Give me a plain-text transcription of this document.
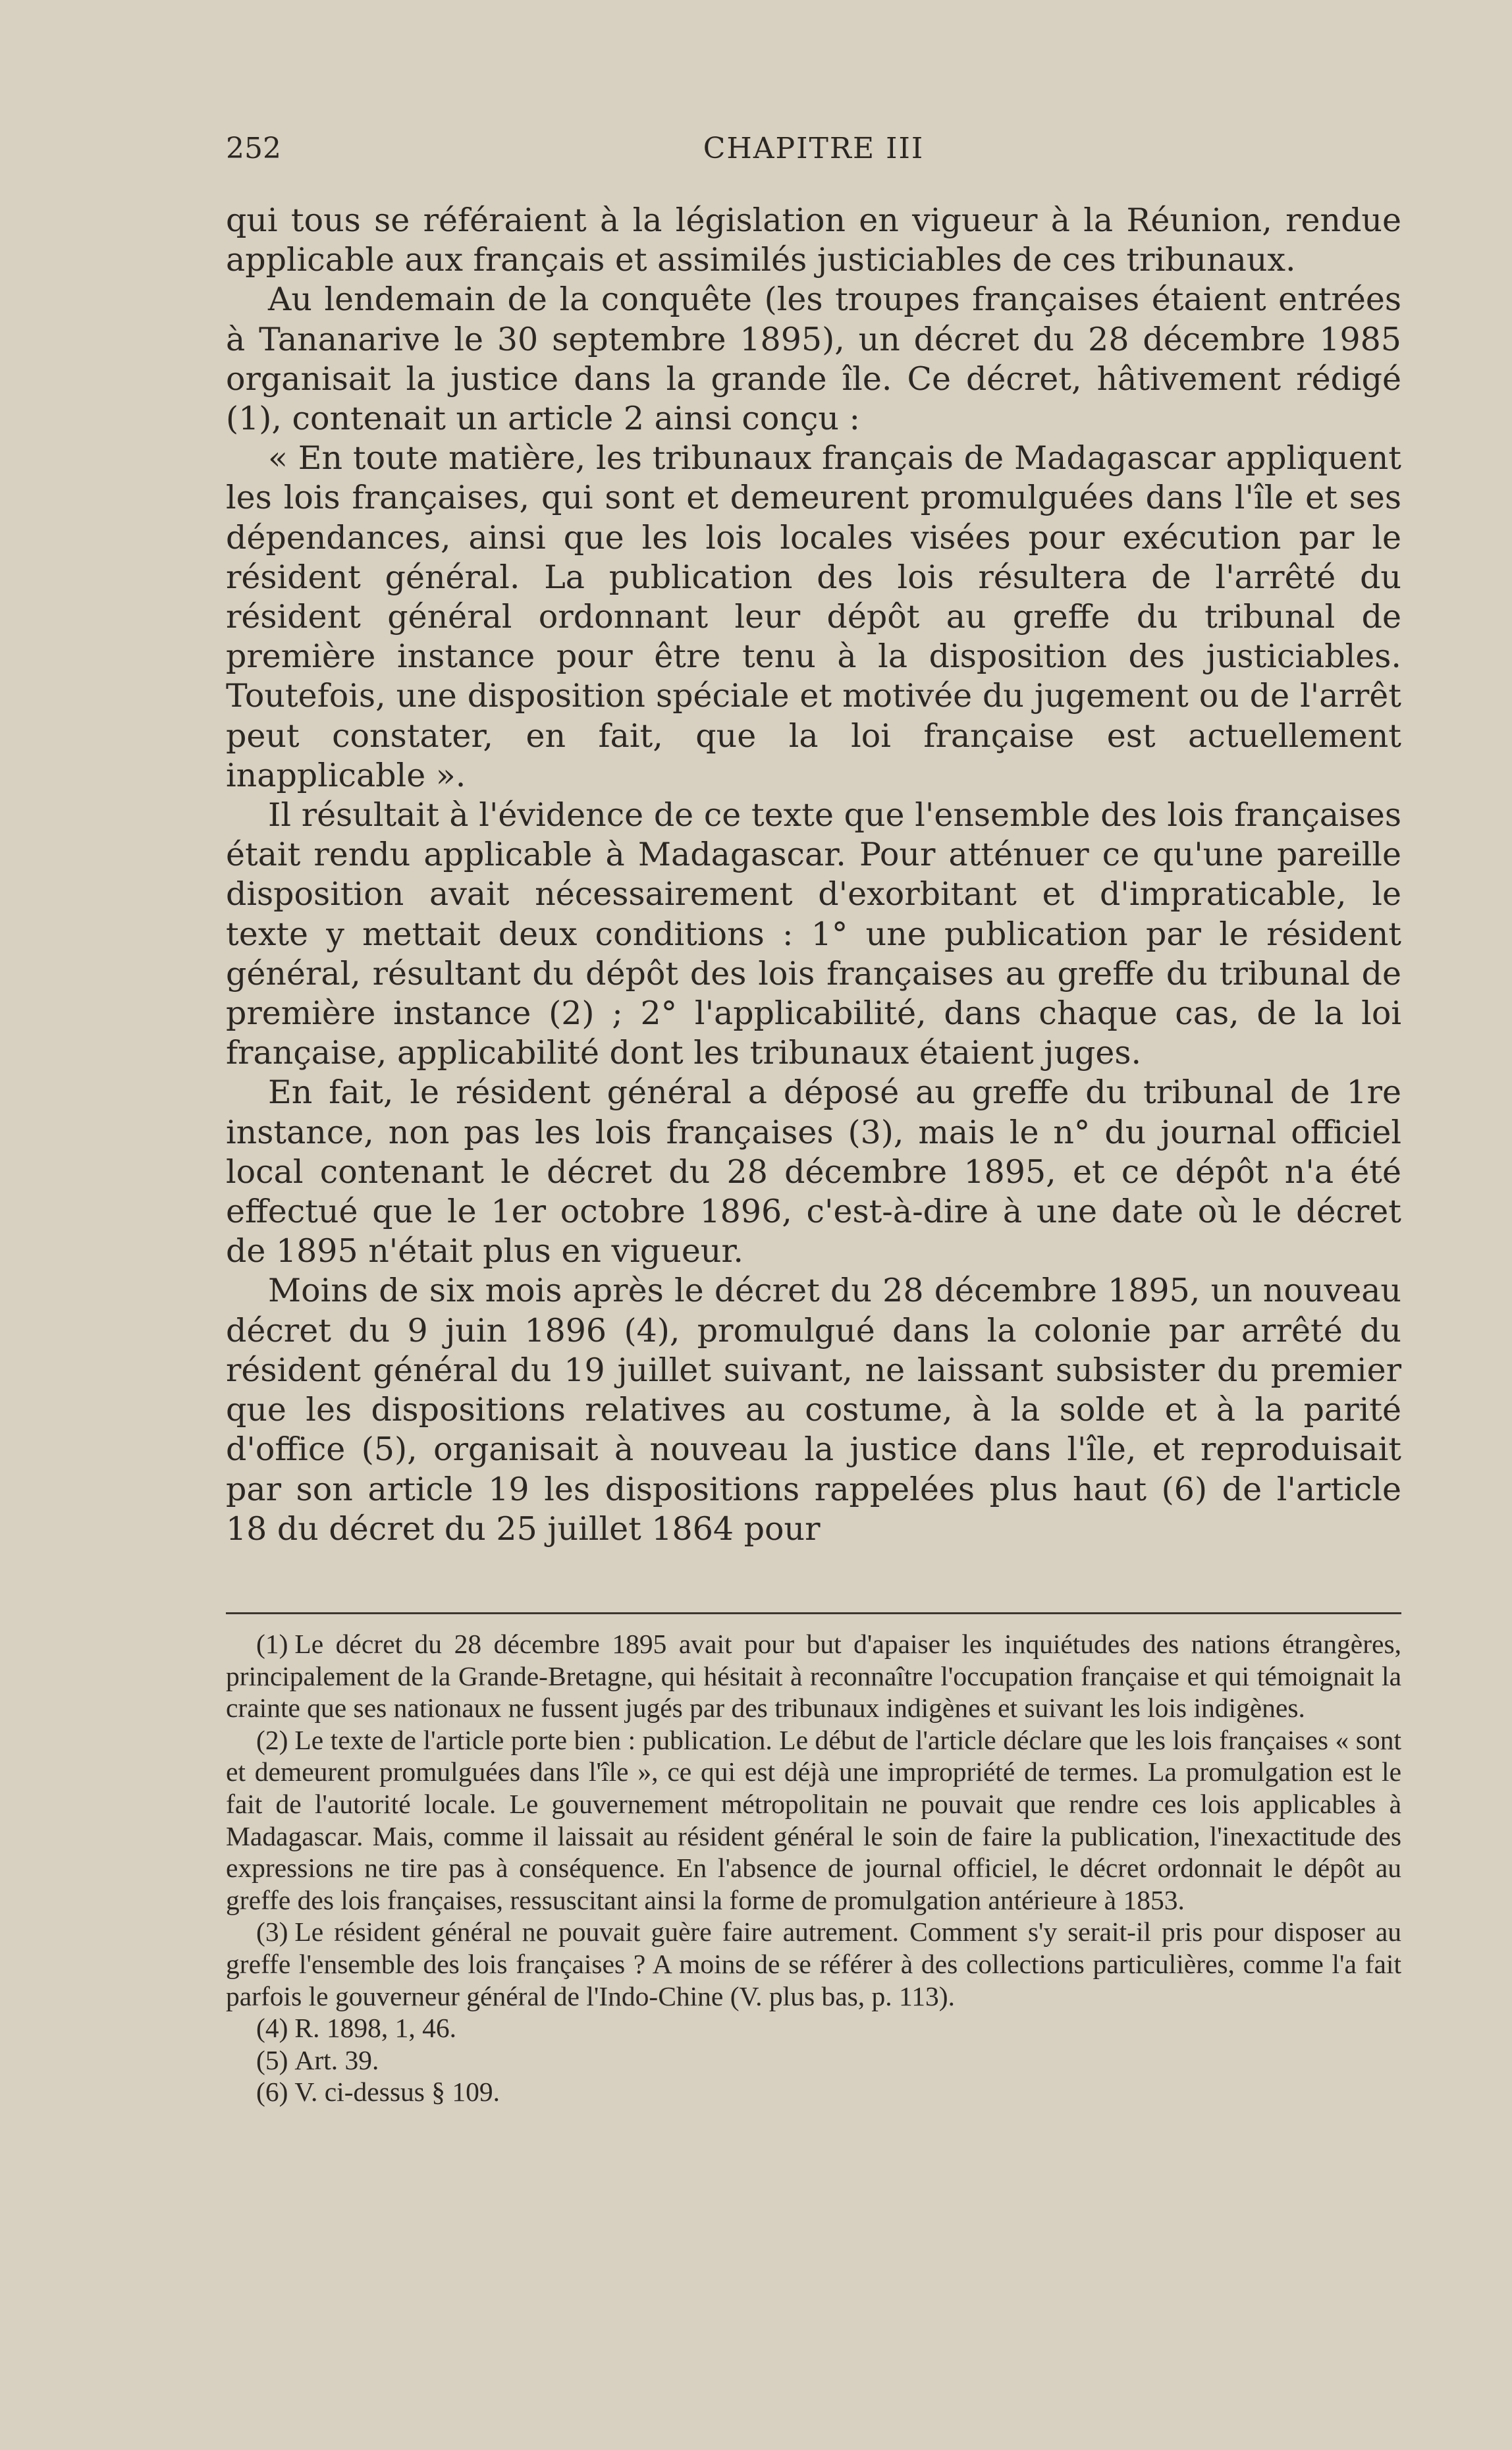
252	CHAPITRE III

qui tous se référaient à la législation en vigueur à la Réunion, rendue applicable aux français et assimilés justiciables de ces tribunaux.

Au lendemain de la conquête (les troupes françaises étaient entrées à Tananarive le 30 septembre 1895), un décret du 28 décembre 1985 organisait la justice dans la grande île. Ce décret, hâtivement rédigé (1), contenait un article 2 ainsi conçu :

« En toute matière, les tribunaux français de Madagascar appliquent les lois françaises, qui sont et demeurent promulguées dans l'île et ses dépendances, ainsi que les lois locales visées pour exécution par le résident général. La publication des lois résultera de l'arrêté du résident général ordonnant leur dépôt au greffe du tribunal de première instance pour être tenu à la disposition des justiciables. Toutefois, une disposition spéciale et motivée du jugement ou de l'arrêt peut constater, en fait, que la loi française est actuellement inapplicable ».

Il résultait à l'évidence de ce texte que l'ensemble des lois françaises était rendu applicable à Madagascar. Pour atténuer ce qu'une pareille disposition avait nécessairement d'exorbitant et d'impraticable, le texte y mettait deux conditions : 1° une publication par le résident général, résultant du dépôt des lois françaises au greffe du tribunal de première instance (2) ; 2° l'applicabilité, dans chaque cas, de la loi française, applicabilité dont les tribunaux étaient juges.

En fait, le résident général a déposé au greffe du tribunal de 1re instance, non pas les lois françaises (3), mais le n° du journal officiel local contenant le décret du 28 décembre 1895, et ce dépôt n'a été effectué que le 1er octobre 1896, c'est-à-dire à une date où le décret de 1895 n'était plus en vigueur.

Moins de six mois après le décret du 28 décembre 1895, un nouveau décret du 9 juin 1896 (4), promulgué dans la colonie par arrêté du résident général du 19 juillet suivant, ne laissant subsister du premier que les dispositions relatives au costume, à la solde et à la parité d'office (5), organisait à nouveau la justice dans l'île, et reproduisait par son article 19 les dispositions rappelées plus haut (6) de l'article 18 du décret du 25 juillet 1864 pour

(1) Le décret du 28 décembre 1895 avait pour but d'apaiser les inquiétudes des nations étrangères, principalement de la Grande-Bretagne, qui hésitait à reconnaître l'occupation française et qui témoignait la crainte que ses nationaux ne fussent jugés par des tribunaux indigènes et suivant les lois indigènes.

(2) Le texte de l'article porte bien : publication. Le début de l'article déclare que les lois françaises « sont et demeurent promulguées dans l'île », ce qui est déjà une impropriété de termes. La promulgation est le fait de l'autorité locale. Le gouvernement métropolitain ne pouvait que rendre ces lois applicables à Madagascar. Mais, comme il laissait au résident général le soin de faire la publication, l'inexactitude des expressions ne tire pas à conséquence. En l'absence de journal officiel, le décret ordonnait le dépôt au greffe des lois françaises, ressuscitant ainsi la forme de promulgation antérieure à 1853.

(3) Le résident général ne pouvait guère faire autrement. Comment s'y serait-il pris pour disposer au greffe l'ensemble des lois françaises ? A moins de se référer à des collections particulières, comme l'a fait parfois le gouverneur général de l'Indo-Chine (V. plus bas, p. 113).

(4) R. 1898, 1, 46.

(5) Art. 39.

(6) V. ci-dessus § 109.
